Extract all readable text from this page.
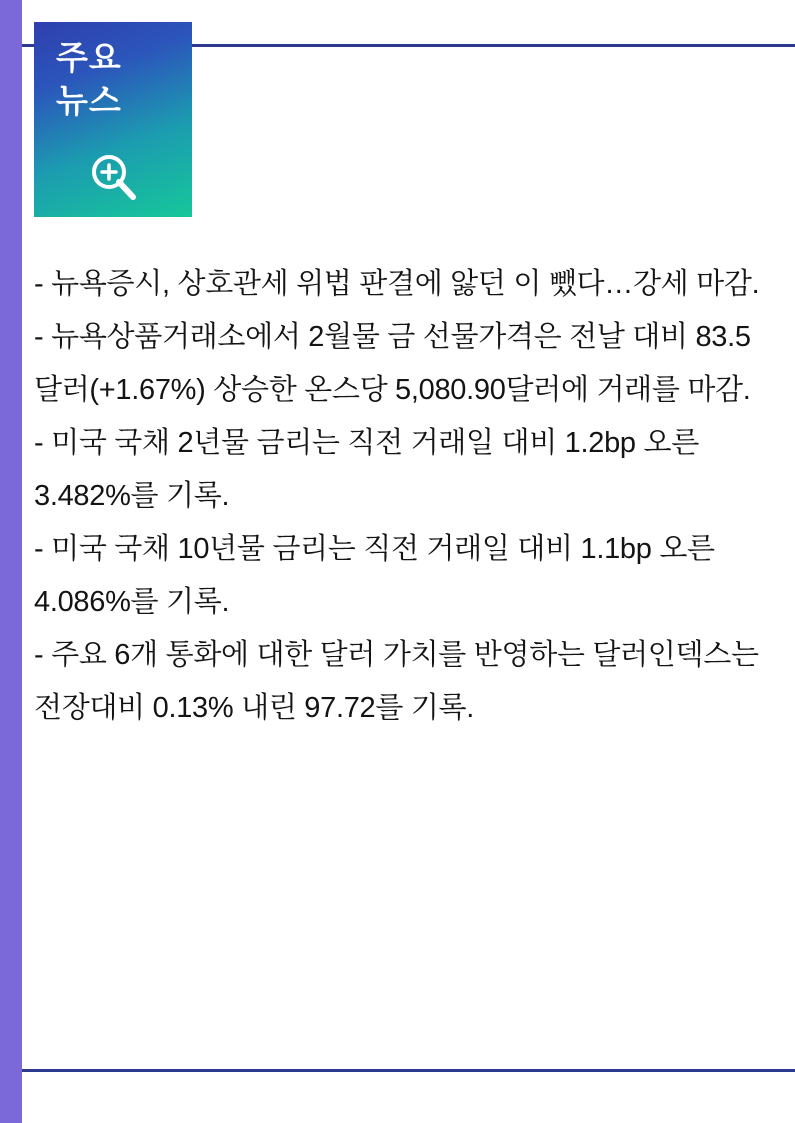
주요
뉴스
- 뉴욕증시, 상호관세 위법 판결에 앓던 이 뺐다…강세 마감.
- 뉴욕상품거래소에서 2월물 금 선물가격은 전날 대비 83.5달러(+1.67%) 상승한 온스당 5,080.90달러에 거래를 마감.
- 미국 국채 2년물 금리는 직전 거래일 대비 1.2bp 오른 3.482%를 기록.
- 미국 국채 10년물 금리는 직전 거래일 대비 1.1bp 오른 4.086%를 기록.
- 주요 6개 통화에 대한 달러 가치를 반영하는 달러인덱스는 전장대비 0.13% 내린 97.72를 기록.
